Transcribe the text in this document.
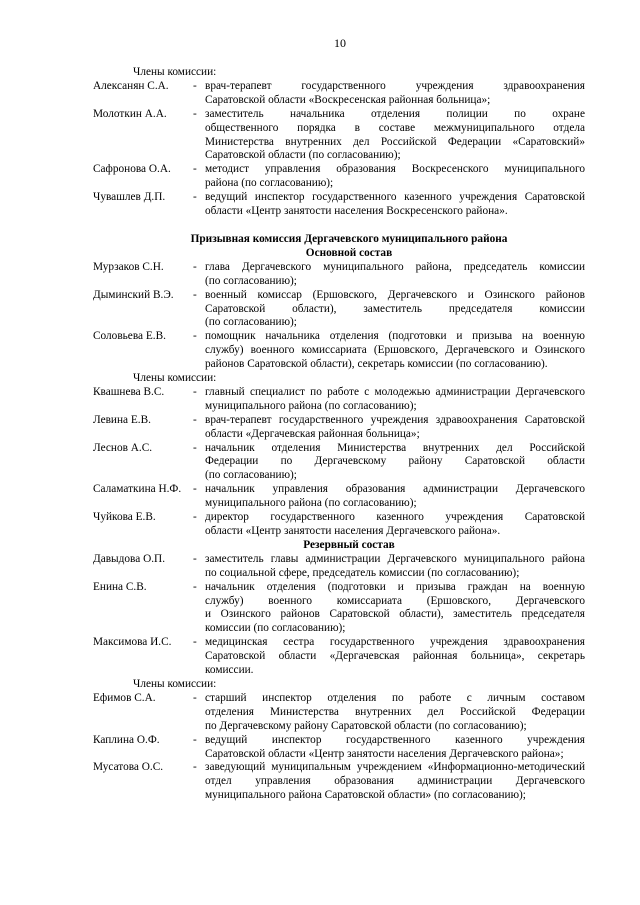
10
Члены комиссии:
Алексанян С.А.	- врач-терапевт государственного учреждения здравоохранения
Саратовской области «Воскресенская районная больница»;
Молоткин А.А.	- заместитель начальника отделения полиции по охране
общественного порядка в составе межмуниципального отдела
Министерства внутренних дел Российской Федерации «Саратовский»
Саратовской области (по согласованию);
Сафронова О.А.	- методист управления образования Воскресенского муниципального
района (по согласованию);
Чувашлев Д.П.	- ведущий инспектор государственного казенного учреждения Саратовской
области «Центр занятости населения Воскресенского района».
Призывная комиссия Дергачевского муниципального района
Основной состав
Мурзаков С.Н.	- глава Дергачевского муниципального района, председатель комиссии
(по согласованию);
Дыминский В.Э.	- военный комиссар (Ершовского, Дергачевского и Озинского районов
Саратовской области), заместитель председателя комиссии
(по согласованию);
Соловьева Е.В.	- помощник начальника отделения (подготовки и призыва на военную
службу) военного комиссариата (Ершовского, Дергачевского и Озинского
районов Саратовской области), секретарь комиссии (по согласованию).
Члены комиссии:
Квашнева В.С.	- главный специалист по работе с молодежью администрации Дергачевского
муниципального района (по согласованию);
Левина Е.В.	- врач-терапевт государственного учреждения здравоохранения Саратовской
области «Дергачевская районная больница»;
Леснов А.С.	- начальник отделения Министерства внутренних дел Российской
Федерации по Дергачевскому району Саратовской области
(по согласованию);
Саламаткина Н.Ф.	- начальник управления образования администрации Дергачевского
муниципального района (по согласованию);
Чуйкова Е.В.	- директор государственного казенного учреждения Саратовской
области «Центр занятости населения Дергачевского района».
Резервный состав
Давыдова О.П.	- заместитель главы администрации Дергачевского муниципального района
по социальной сфере, председатель комиссии (по согласованию);
Енина С.В.	- начальник отделения (подготовки и призыва граждан на военную
службу) военного комиссариата (Ершовского, Дергачевского
и Озинского районов Саратовской области), заместитель председателя
комиссии (по согласованию);
Максимова И.С.	- медицинская сестра государственного учреждения здравоохранения
Саратовской области «Дергачевская районная больница», секретарь
комиссии.
Члены комиссии:
Ефимов С.А.	- старший инспектор отделения по работе с личным составом
отделения Министерства внутренних дел Российской Федерации
по Дергачевскому району Саратовской области (по согласованию);
Каплина О.Ф.	- ведущий инспектор государственного казенного учреждения
Саратовской области «Центр занятости населения Дергачевского района»;
Мусатова О.С.	- заведующий муниципальным учреждением «Информационно-методический
отдел управления образования администрации Дергачевского
муниципального района Саратовской области» (по согласованию);
